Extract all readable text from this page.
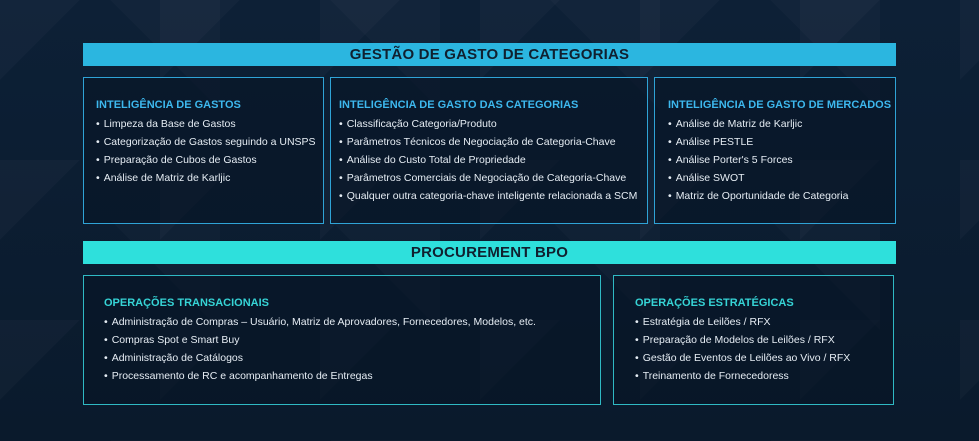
GESTÃO DE GASTO DE CATEGORIAS
INTELIGÊNCIA DE GASTOS
• Limpeza da Base de Gastos
• Categorização de Gastos seguindo a UNSPS
• Preparação de Cubos de Gastos
• Análise de Matriz de Karljic
INTELIGÊNCIA DE GASTO DAS CATEGORIAS
• Classificação Categoria/Produto
• Parâmetros Técnicos de Negociação de Categoria-Chave
• Análise do Custo Total de Propriedade
• Parâmetros Comerciais de Negociação de Categoria-Chave
• Qualquer outra categoria-chave inteligente relacionada a SCM
INTELIGÊNCIA DE GASTO DE MERCADOS
• Análise de Matriz de Karljic
• Análise PESTLE
• Análise Porter's 5 Forces
• Análise SWOT
• Matriz de Oportunidade de Categoria
PROCUREMENT BPO
OPERAÇÕES TRANSACIONAIS
• Administração de Compras – Usuário, Matriz de Aprovadores, Fornecedores, Modelos, etc.
• Compras Spot e Smart Buy
• Administração de Catálogos
• Processamento de RC e acompanhamento de Entregas
OPERAÇÕES ESTRATÉGICAS
• Estratégia de Leilões / RFX
• Preparação de Modelos de Leilões / RFX
• Gestão de Eventos de Leilões ao Vivo / RFX
• Treinamento de Fornecedoress
